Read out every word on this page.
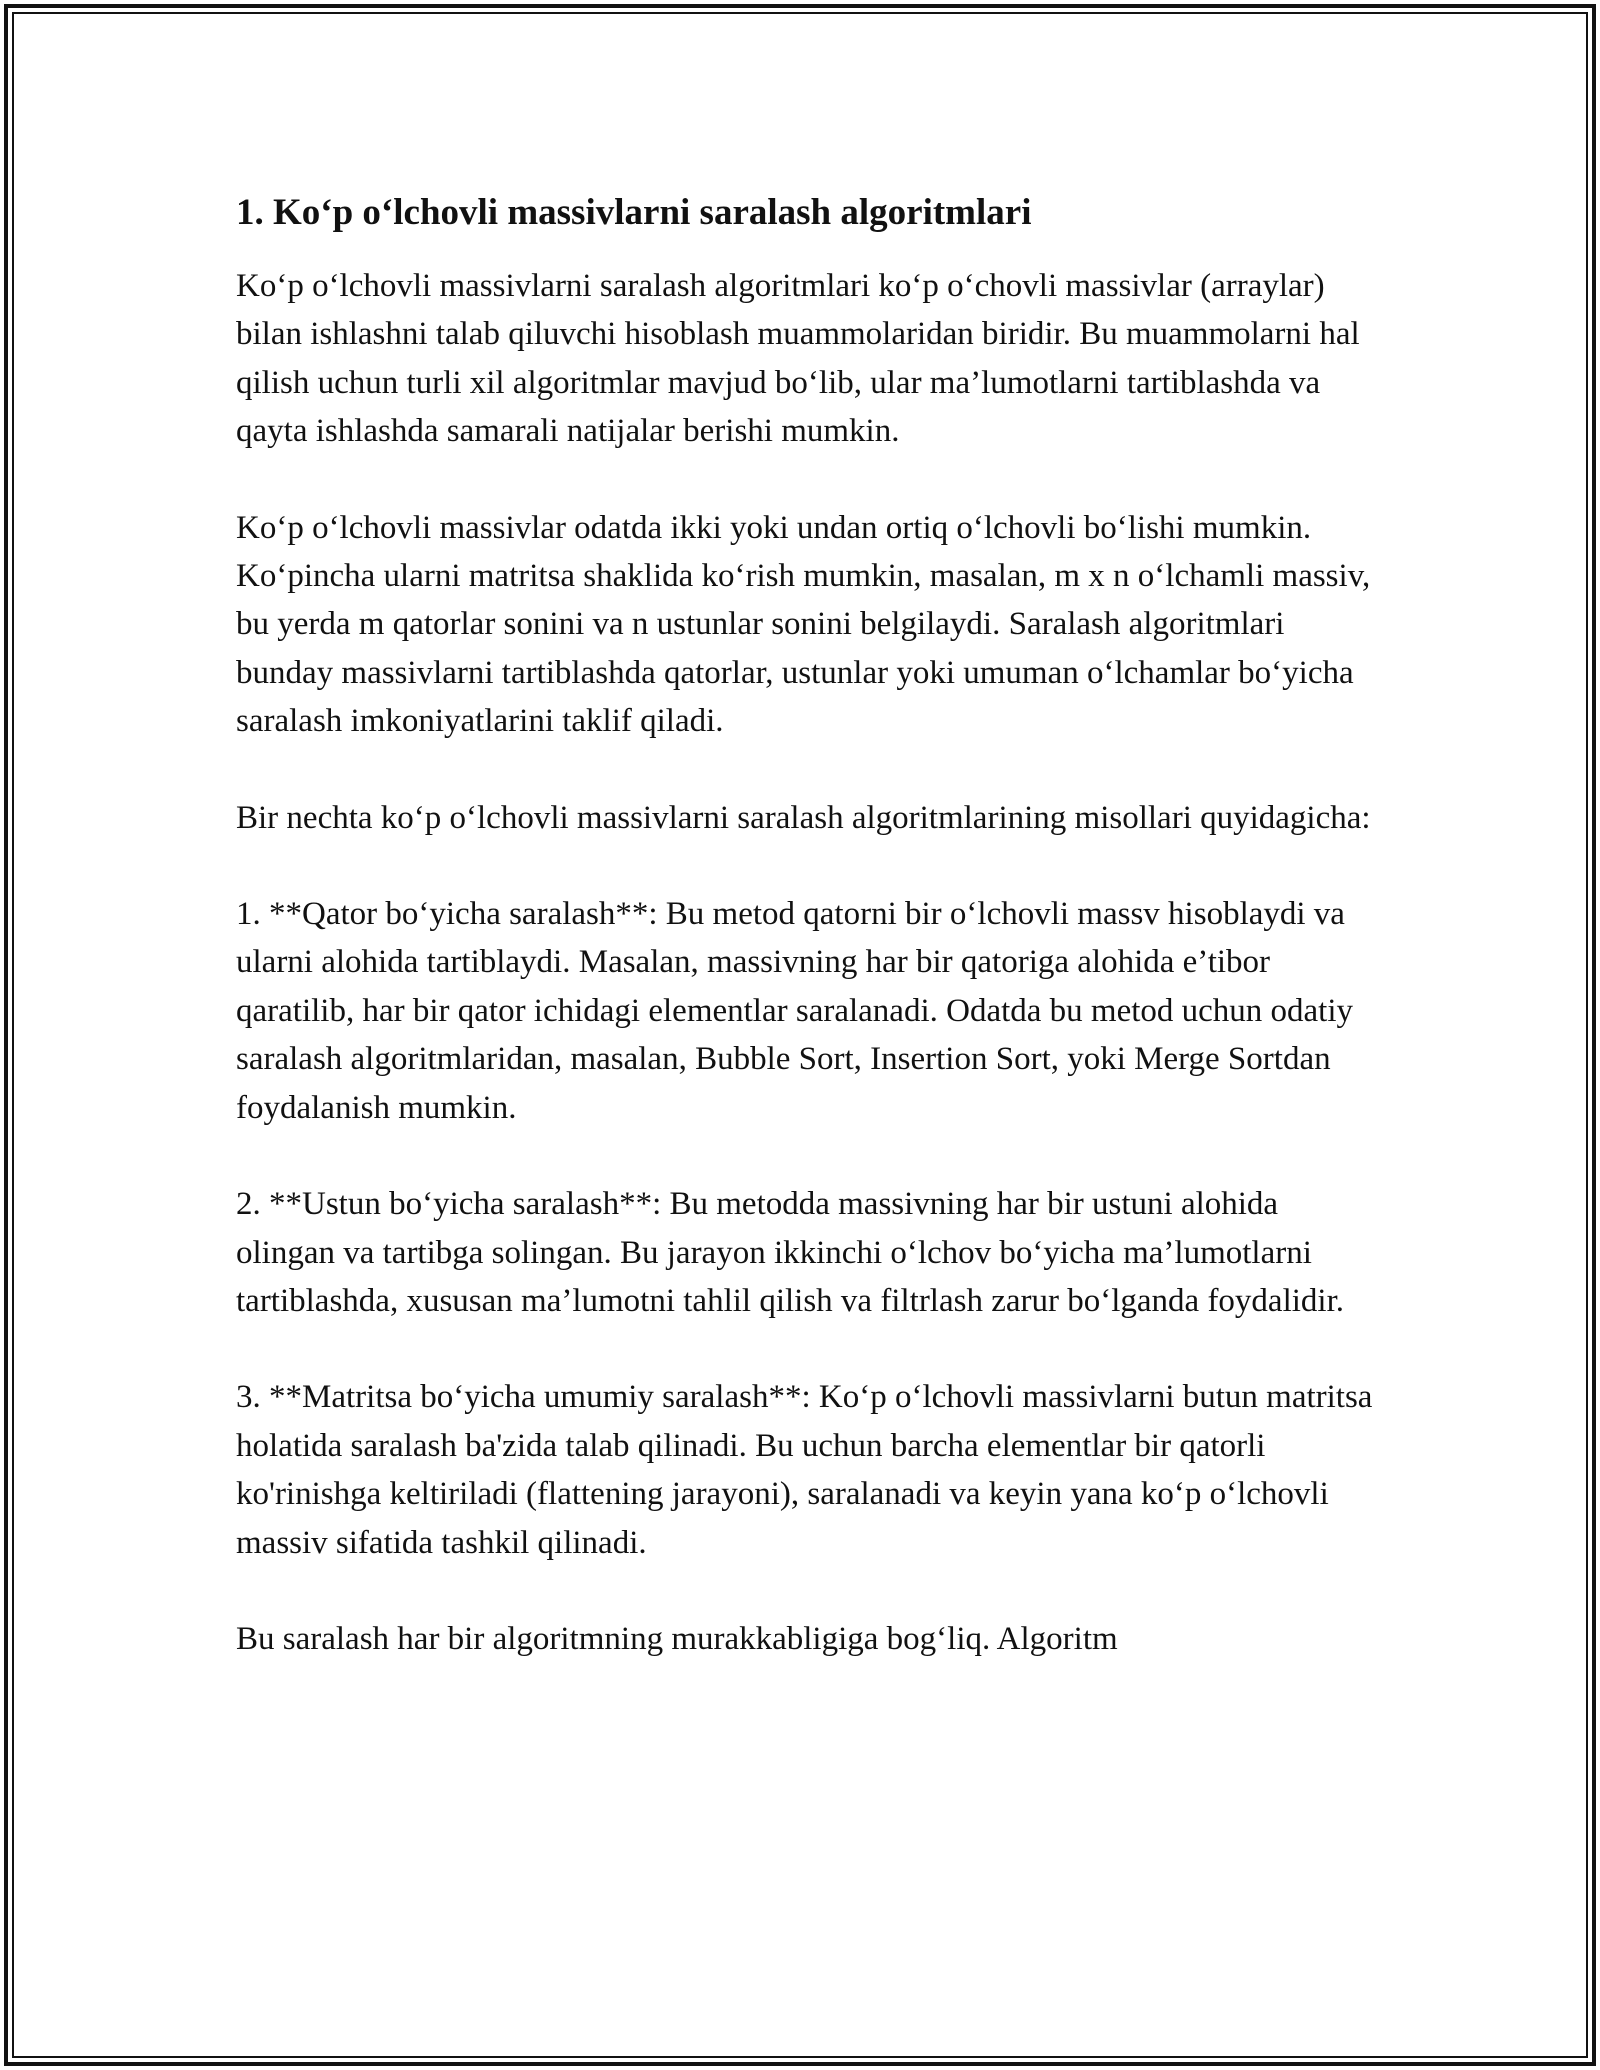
1. Ko‘p o‘lchovli massivlarni saralash algoritmlari

Ko‘p o‘lchovli massivlarni saralash algoritmlari ko‘p o‘chovli massivlar (arraylar) bilan ishlashni talab qiluvchi hisoblash muammolaridan biridir. Bu muammolarni hal qilish uchun turli xil algoritmlar mavjud bo‘lib, ular ma’lumotlarni tartiblashda va qayta ishlashda samarali natijalar berishi mumkin.

Ko‘p o‘lchovli massivlar odatda ikki yoki undan ortiq o‘lchovli bo‘lishi mumkin. Ko‘pincha ularni matritsa shaklida ko‘rish mumkin, masalan, m x n o‘lchamli massiv, bu yerda m qatorlar sonini va n ustunlar sonini belgilaydi. Saralash algoritmlari bunday massivlarni tartiblashda qatorlar, ustunlar yoki umuman o‘lchamlar bo‘yicha saralash imkoniyatlarini taklif qiladi.

Bir nechta ko‘p o‘lchovli massivlarni saralash algoritmlarining misollari quyidagicha:

1. **Qator bo‘yicha saralash**: Bu metod qatorni bir o‘lchovli massv hisoblaydi va ularni alohida tartiblaydi. Masalan, massivning har bir qatoriga alohida e’tibor qaratilib, har bir qator ichidagi elementlar saralanadi. Odatda bu metod uchun odatiy saralash algoritmlaridan, masalan, Bubble Sort, Insertion Sort, yoki Merge Sortdan foydalanish mumkin.

2. **Ustun bo‘yicha saralash**: Bu metodda massivning har bir ustuni alohida olingan va tartibga solingan. Bu jarayon ikkinchi o‘lchov bo‘yicha ma’lumotlarni tartiblashda, xususan ma’lumotni tahlil qilish va filtrlash zarur bo‘lganda foydalidir.

3. **Matritsa bo‘yicha umumiy saralash**: Ko‘p o‘lchovli massivlarni butun matritsa holatida saralash ba'zida talab qilinadi. Bu uchun barcha elementlar bir qatorli ko'rinishga keltiriladi (flattening jarayoni), saralanadi va keyin yana ko‘p o‘lchovli massiv sifatida tashkil qilinadi.

Bu saralash har bir algoritmning murakkabligiga bog‘liq. Algoritm
